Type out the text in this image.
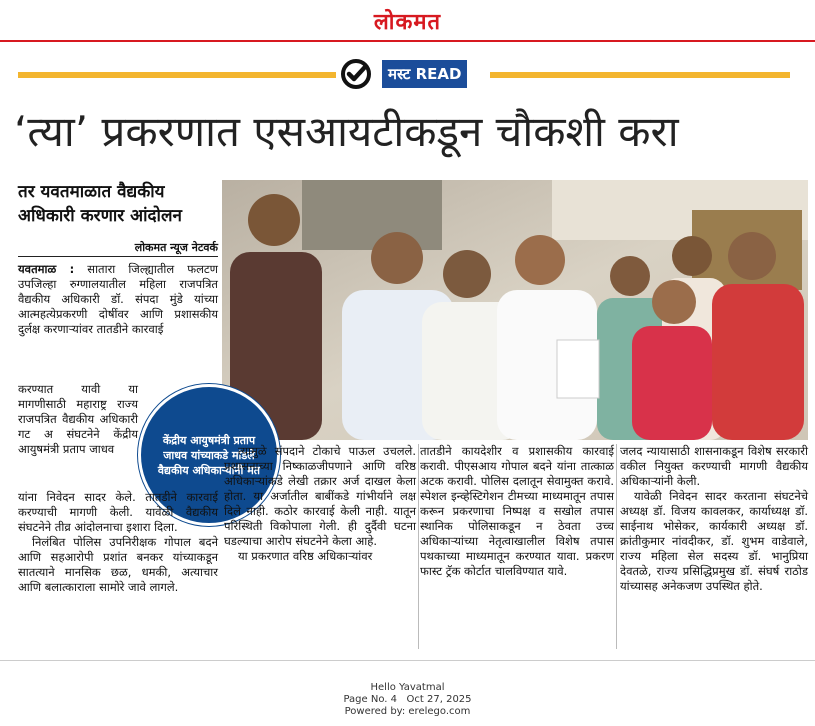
लोकमत
मस्ट READ
‘त्या’ प्रकरणात एसआयटीकडून चौकशी करा
तर यवतमाळात वैद्यकीय अधिकारी करणार आंदोलन
लोकमत न्यूज नेटवर्क
केंद्रीय आयुषमंत्री प्रताप जाधव यांच्याकडे मांडले वैद्यकीय अधिकाऱ्यांनी मत

यवतमाळ : सातारा जिल्ह्यातील फलटण उपजिल्हा रुग्णालयातील महिला राजपत्रित वैद्यकीय अधिकारी डॉ. संपदा मुंडे यांच्या आत्महत्येप्रकरणी दोषींवर आणि प्रशासकीय दुर्लक्ष करणाऱ्यांवर तातडीने कारवाई

करण्यात यावी या मागणीसाठी महाराष्ट्र राज्य राजपत्रित वैद्यकीय अधिकारी गट अ संघटनेने केंद्रीय आयुषमंत्री प्रताप जाधव

यांना निवेदन सादर केले. तातडीने कारवाई करण्याची मागणी केली. यावेळी वैद्यकीय संघटनेने तीव्र आंदोलनाचा इशारा दिला.

निलंबित पोलिस उपनिरीक्षक गोपाल बदने आणि सहआरोपी प्रशांत बनकर यांच्याकडून सातत्याने मानसिक छळ, धमकी, अत्याचार आणि बलात्काराला सामोरे जावे लागले.

त्यामुळे संपदाने टोकाचे पाऊल उचलले. प्रशासनाच्या निष्काळजीपणाने आणि वरिष्ठ अधिकाऱ्यांकडे लेखी तक्रार अर्ज दाखल केला होता. या अर्जातील बाबींकडे गांभीर्याने लक्ष दिले नाही. कठोर कारवाई केली नाही. यातून परिस्थिती विकोपाला गेली. ही दुर्दैवी घटना घडल्याचा आरोप संघटनेने केला आहे.

या प्रकरणात वरिष्ठ अधिकाऱ्यांवर

तातडीने कायदेशीर व प्रशासकीय कारवाई करावी. पीएसआय गोपाल बदने यांना तात्काळ अटक करावी. पोलिस दलातून सेवामुक्त करावे. स्पेशल इन्व्हेस्टिगेशन टीमच्या माध्यमातून तपास करून प्रकरणाचा निष्पक्ष व सखोल तपास स्थानिक पोलिसाकडून न ठेवता उच्च अधिकाऱ्यांच्या नेतृत्वाखालील विशेष तपास पथकाच्या माध्यमातून करण्यात यावा. प्रकरण फास्ट ट्रॅक कोर्टात चालविण्यात यावे.

जलद न्यायासाठी शासनाकडून विशेष सरकारी वकील नियुक्त करण्याची मागणी वैद्यकीय अधिकाऱ्यांनी केली.

यावेळी निवेदन सादर करताना संघटनेचे अध्यक्ष डॉ. विजय कावलकर, कार्याध्यक्ष डॉ. साईनाथ भोसेकर, कार्यकारी अध्यक्ष डॉ. क्रांतीकुमार नांवदीकर, डॉ. शुभम वाडेवाले, राज्य महिला सेल सदस्य डॉ. भानुप्रिया देवतळे, राज्य प्रसिद्धिप्रमुख डॉ. संघर्ष राठोड यांच्यासह अनेकजण उपस्थित होते.

Hello Yavatmal
Page No. 4 Oct 27, 2025
Powered by: erelego.com
